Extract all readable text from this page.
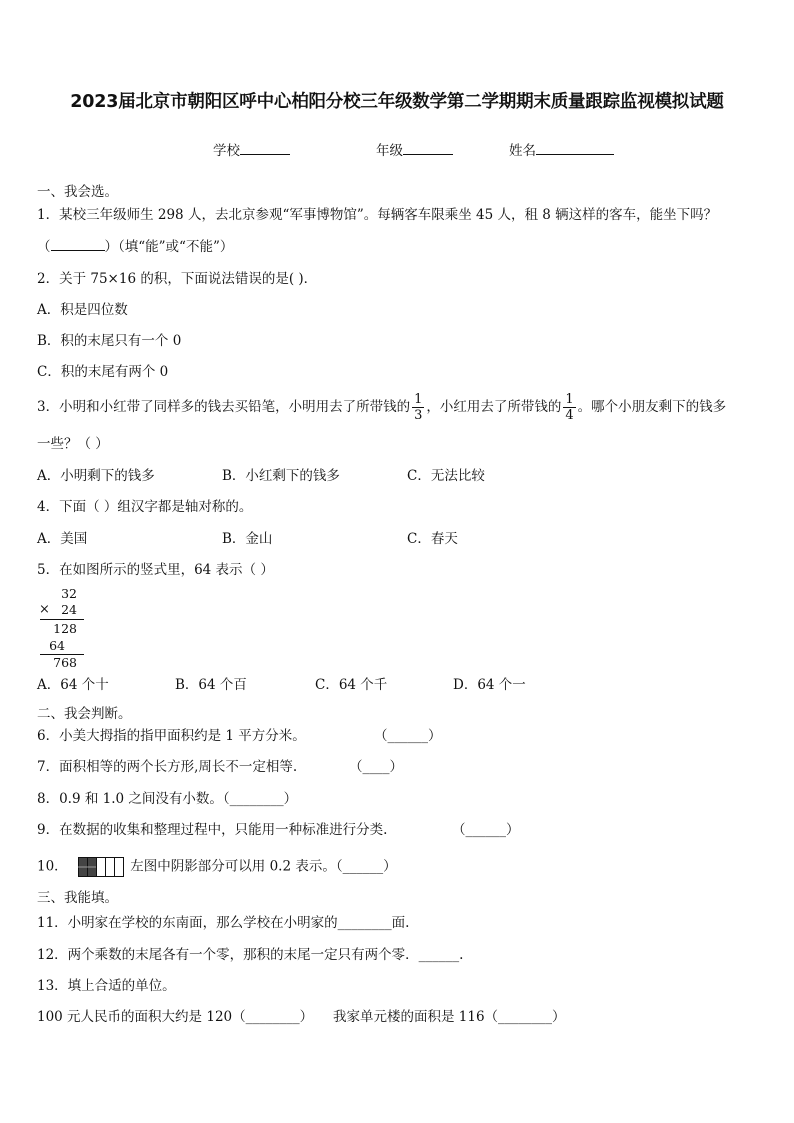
2023届北京市朝阳区呼中心柏阳分校三年级数学第二学期期末质量跟踪监视模拟试题
学校	年级	姓名
一、我会选。
1．某校三年级师生 298 人，去北京参观“军事博物馆”。每辆客车限乘坐 45 人，租 8 辆这样的客车，能坐下吗？
（	）（填“能”或“不能”）
2．关于 75×16 的积，下面说法错误的是( )．
A．积是四位数
B．积的末尾只有一个 0
C．积的末尾有两个 0
3．小明和小红带了同样多的钱去买铅笔，小明用去了所带钱的 $\frac{1}{3}$ ，小红用去了所带钱的 $\frac{1}{4}$ 。哪个小朋友剩下的钱多
一些？（ ）
A．小明剩下的钱多	B．小红剩下的钱多	C．无法比较
4．下面（ ）组汉字都是轴对称的。
A．美国	B．金山	C．春天
5．在如图所示的竖式里，64 表示（ ）
32
× 24
128
64
768
A．64 个十	B．64 个百	C．64 个千	D．64 个一
二、我会判断。
6．小美大拇指的指甲面积约是 1 平方分米。	（______）
7．面积相等的两个长方形,周长不一定相等.	（____）
8．0.9 和 1.0 之间没有小数。（________）
9．在数据的收集和整理过程中，只能用一种标准进行分类.	（______）
10．	左图中阴影部分可以用 0.2 表示。（______）
三、我能填。
11．小明家在学校的东南面，那么学校在小明家的________面.
12．两个乘数的末尾各有一个零，那积的末尾一定只有两个零．______.
13．填上合适的单位。
100 元人民币的面积大约是 120（________） 我家单元楼的面积是 116（________）
